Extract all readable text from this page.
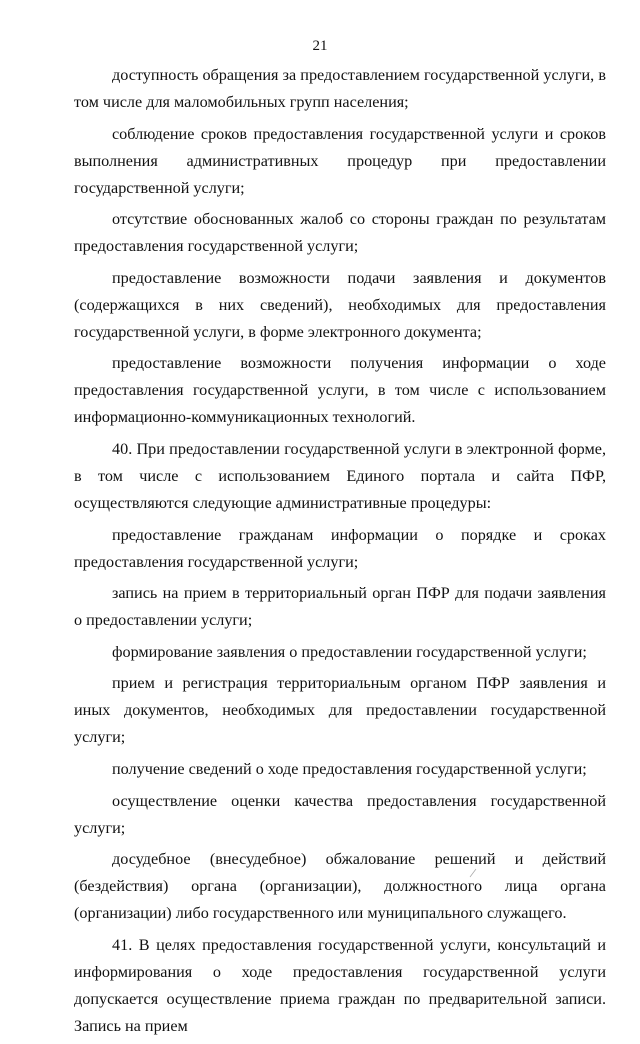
21

доступность обращения за предоставлением государственной услуги, в том числе для маломобильных групп населения;

соблюдение сроков предоставления государственной услуги и сроков выполнения административных процедур при предоставлении государственной услуги;

отсутствие обоснованных жалоб со стороны граждан по результатам предоставления государственной услуги;

предоставление возможности подачи заявления и документов (содержащихся в них сведений), необходимых для предоставления государственной услуги, в форме электронного документа;

предоставление возможности получения информации о ходе предоставления государственной услуги, в том числе с использованием информационно-коммуникационных технологий.

40. При предоставлении государственной услуги в электронной форме, в том числе с использованием Единого портала и сайта ПФР, осуществляются следующие административные процедуры:

предоставление гражданам информации о порядке и сроках предоставления государственной услуги;

запись на прием в территориальный орган ПФР для подачи заявления о предоставлении услуги;

формирование заявления о предоставлении государственной услуги;

прием и регистрация территориальным органом ПФР заявления и иных документов, необходимых для предоставлении государственной услуги;

получение сведений о ходе предоставления государственной услуги;

осуществление оценки качества предоставления государственной услуги;

досудебное (внесудебное) обжалование решений и действий (бездействия) органа (организации), должностного лица органа (организации) либо государственного или муниципального служащего.

41. В целях предоставления государственной услуги, консультаций и информирования о ходе предоставления государственной услуги допускается осуществление приема граждан по предварительной записи. Запись на прием
